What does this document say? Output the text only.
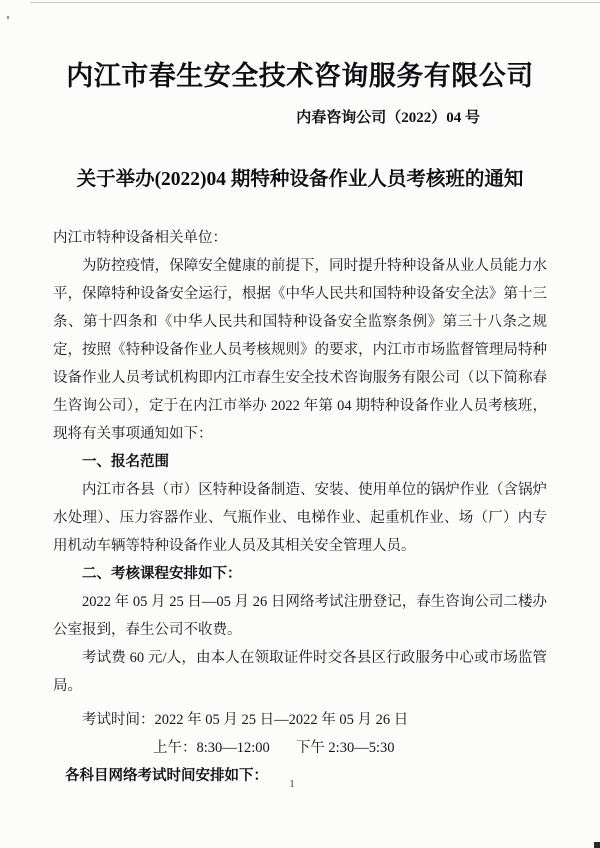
内江市春生安全技术咨询服务有限公司
内春咨询公司（2022）04 号
关于举办(2022)04 期特种设备作业人员考核班的通知
内江市特种设备相关单位：
为防控疫情，保障安全健康的前提下，同时提升特种设备从业人员能力水平，保障特种设备安全运行，根据《中华人民共和国特种设备安全法》第十三条、第十四条和《中华人民共和国特种设备安全监察条例》第三十八条之规定，按照《特种设备作业人员考核规则》的要求，内江市市场监督管理局特种设备作业人员考试机构即内江市春生安全技术咨询服务有限公司（以下简称春生咨询公司），定于在内江市举办 2022 年第 04 期特种设备作业人员考核班，现将有关事项通知如下：
一、报名范围
内江市各县（市）区特种设备制造、安装、使用单位的锅炉作业（含锅炉水处理）、压力容器作业、气瓶作业、电梯作业、起重机作业、场（厂）内专用机动车辆等特种设备作业人员及其相关安全管理人员。
二、考核课程安排如下：
2022 年 05 月 25 日—05 月 26 日网络考试注册登记，春生咨询公司二楼办公室报到，春生公司不收费。
考试费 60 元/人，由本人在领取证件时交各县区行政服务中心或市场监管局。
考试时间：2022 年 05 月 25 日—2022 年 05 月 26 日
上午：8:30—12:00 下午 2:30—5:30
各科目网络考试时间安排如下：
1
